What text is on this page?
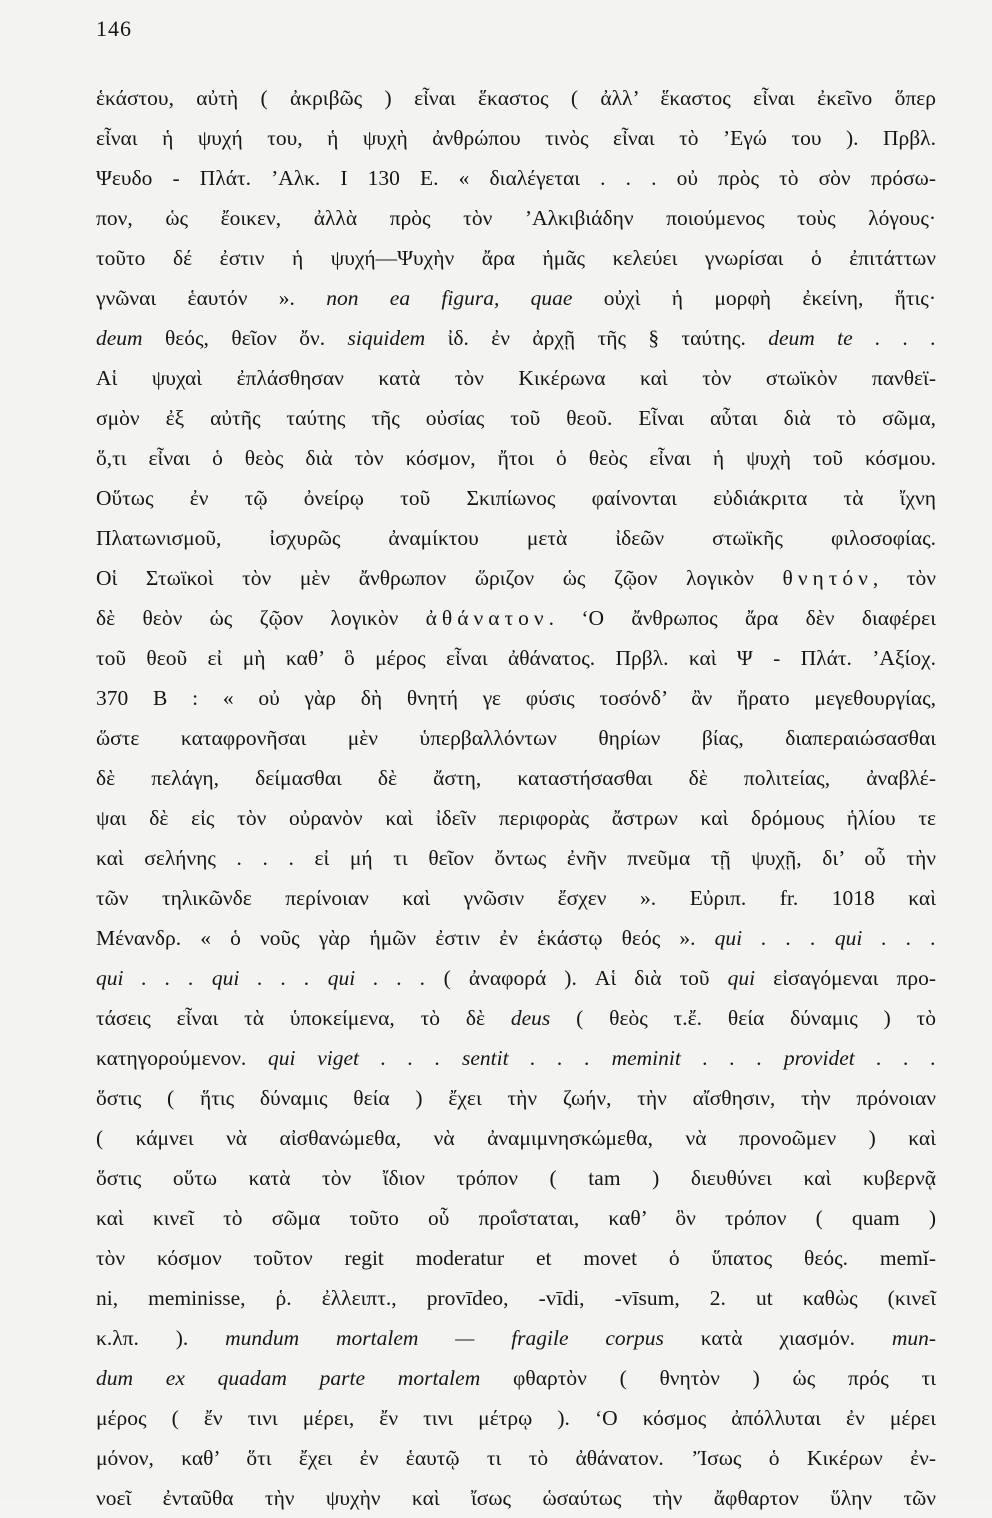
146
ἑκάστου, αὐτὴ ( ἀκριβῶς ) εἶναι ἕκαστος ( ἀλλ’ ἕκαστος εἶναι ἐκεῖνο ὅπερ
εἶναι ἡ ψυχή του, ἡ ψυχὴ ἀνθρώπου τινὸς εἶναι τὸ ’Εγώ του ). Πρβλ.
Ψευδο - Πλάτ. ’Αλκ. Ι 130 Ε. « διαλέγεται . . . οὐ πρὸς τὸ σὸν πρόσω-
πον, ὡς ἔοικεν, ἀλλὰ πρὸς τὸν ’Αλκιβιάδην ποιούμενος τοὺς λόγους·
τοῦτο δέ ἐστιν ἡ ψυχή—Ψυχὴν ἄρα ἡμᾶς κελεύει γνωρίσαι ὁ ἐπιτάττων
γνῶναι ἑαυτόν ». non ea figura, quae οὐχὶ ἡ μορφὴ ἐκείνη, ἥτις·
deum θεός, θεῖον ὄν. siquidem ἰδ. ἐν ἀρχῇ τῆς § ταύτης. deum te . . .
Αἱ ψυχαὶ ἐπλάσθησαν κατὰ τὸν Κικέρωνα καὶ τὸν στωϊκὸν πανθεϊ-
σμὸν ἐξ αὐτῆς ταύτης τῆς οὐσίας τοῦ θεοῦ. Εἶναι αὗται διὰ τὸ σῶμα,
ὅ,τι εἶναι ὁ θεὸς διὰ τὸν κόσμον, ἤτοι ὁ θεὸς εἶναι ἡ ψυχὴ τοῦ κόσμου.
Οὕτως ἐν τῷ ὀνείρῳ τοῦ Σκιπίωνος φαίνονται εὐδιάκριτα τὰ ἴχνη
Πλατωνισμοῦ, ἰσχυρῶς ἀναμίκτου μετὰ ἰδεῶν στωϊκῆς φιλοσοφίας.
Οἱ Στωϊκοὶ τὸν μὲν ἄνθρωπον ὥριζον ὡς ζῷον λογικὸν θνητόν, τὸν
δὲ θεὸν ὡς ζῷον λογικὸν ἀθάνατον. ‘Ο ἄνθρωπος ἄρα δὲν διαφέρει
τοῦ θεοῦ εἰ μὴ καθ’ ὃ μέρος εἶναι ἀθάνατος. Πρβλ. καὶ Ψ - Πλάτ. ’Αξίοχ.
370 Β : « οὐ γὰρ δὴ θνητή γε φύσις τοσόνδ’ ἂν ἤρατο μεγεθουργίας,
ὥστε καταφρονῆσαι μὲν ὑπερβαλλόντων θηρίων βίας, διαπεραιώσασθαι
δὲ πελάγη, δείμασθαι δὲ ἄστη, καταστήσασθαι δὲ πολιτείας, ἀναβλέ-
ψαι δὲ εἰς τὸν οὐρανὸν καὶ ἰδεῖν περιφορὰς ἄστρων καὶ δρόμους ἡλίου τε
καὶ σελήνης . . . εἰ μή τι θεῖον ὄντως ἐνῆν πνεῦμα τῇ ψυχῇ, δι’ οὗ τὴν
τῶν τηλικῶνδε περίνοιαν καὶ γνῶσιν ἔσχεν ». Εὐριπ. fr. 1018 καὶ
Μένανδρ. « ὁ νοῦς γὰρ ἡμῶν ἐστιν ἐν ἑκάστῳ θεός ». qui . . . qui . . .
qui . . . qui . . . qui . . . ( ἀναφορά ). Αἱ διὰ τοῦ qui εἰσαγόμεναι προ-
τάσεις εἶναι τὰ ὑποκείμενα, τὸ δὲ deus ( θεὸς τ.ἔ. θεία δύναμις ) τὸ
κατηγορούμενον. qui viget . . . sentit . . . meminit . . . providet . . .
ὅστις ( ἥτις δύναμις θεία ) ἔχει τὴν ζωήν, τὴν αἴσθησιν, τὴν πρόνοιαν
( κάμνει νὰ αἰσθανώμεθα, νὰ ἀναμιμνησκώμεθα, νὰ προνοῶμεν ) καὶ
ὅστις οὕτω κατὰ τὸν ἴδιον τρόπον ( tam ) διευθύνει καὶ κυβερνᾷ
καὶ κινεῖ τὸ σῶμα τοῦτο οὗ προΐσταται, καθ’ ὃν τρόπον ( quam )
τὸν κόσμον τοῦτον regit moderatur et movet ὁ ὕπατος θεός. memĭ-
ni, meminisse, ῥ. ἐλλειπτ., provīdeo, -vīdi, -vīsum, 2. ut καθὼς (κινεῖ
κ.λπ. ). mundum mortalem — fragile corpus κατὰ χιασμόν. mun-
dum ex quadam parte mortalem φθαρτὸν ( θνητὸν ) ὡς πρός τι
μέρος ( ἔν τινι μέρει, ἔν τινι μέτρῳ ). ‘Ο κόσμος ἀπόλλυται ἐν μέρει
μόνον, καθ’ ὅτι ἔχει ἐν ἑαυτῷ τι τὸ ἀθάνατον. ’Ίσως ὁ Κικέρων ἐν-
νοεῖ ἐνταῦθα τὴν ψυχὴν καὶ ἴσως ὡσαύτως τὴν ἄφθαρτον ὕλην τῶν
